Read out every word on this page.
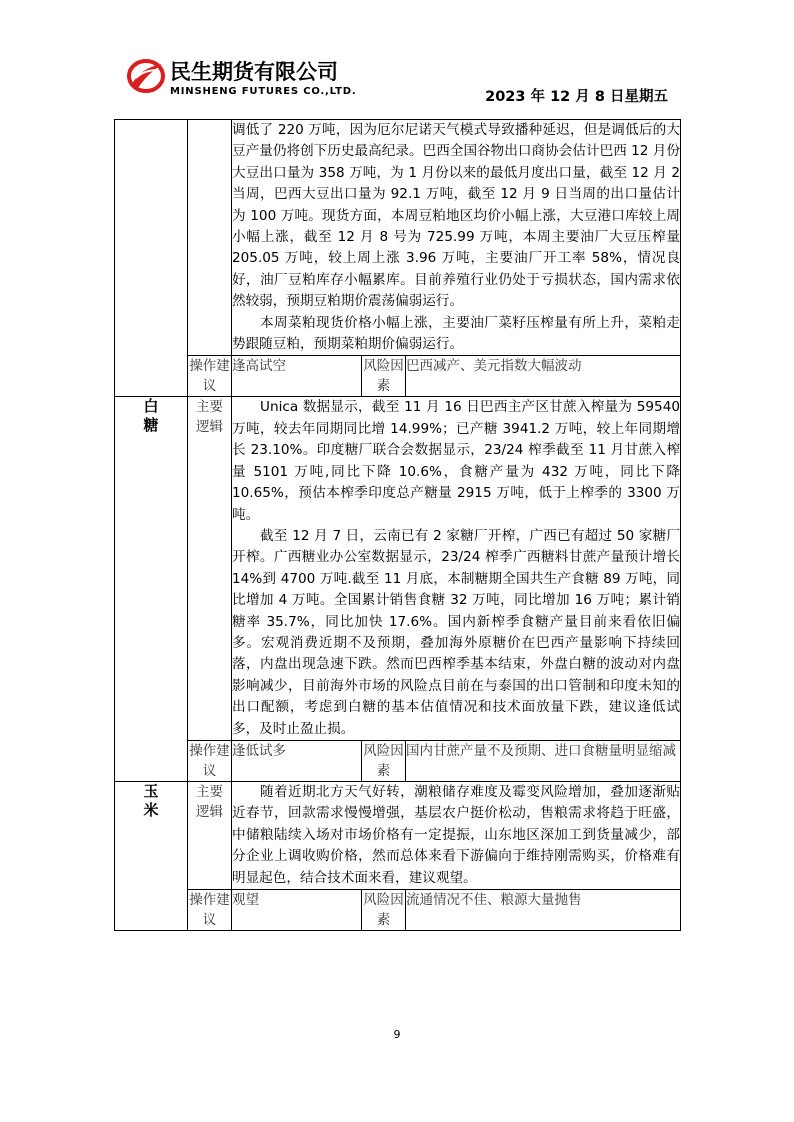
民生期货有限公司
MINSHENG FUTURES CO.,LTD.	2023 年 12 月 8 日星期五

		调低了 220 万吨，因为厄尔尼诺天气模式导致播种延迟，但是调低后的大豆产量仍将创下历史最高纪录。巴西全国谷物出口商协会估计巴西 12 月份大豆出口量为 358 万吨，为 1 月份以来的最低月度出口量，截至 12 月 2 当周，巴西大豆出口量为 92.1 万吨，截至 12 月 9 日当周的出口量估计为 100 万吨。现货方面，本周豆粕地区均价小幅上涨，大豆港口库较上周小幅上涨，截至 12 月 8 号为 725.99 万吨，本周主要油厂大豆压榨量 205.05 万吨，较上周上涨 3.96 万吨，主要油厂开工率 58%，情况良好，油厂豆粕库存小幅累库。目前养殖行业仍处于亏损状态，国内需求依然较弱，预期豆粕期价震荡偏弱运行。

本周菜粕现货价格小幅上涨，主要油厂菜籽压榨量有所上升，菜粕走势跟随豆粕，预期菜粕期价偏弱运行。		

	操作建议	逢高试空	风险因素	巴西减产、美元指数大幅波动
白糖	主要逻辑	Unica 数据显示，截至 11 月 16 日巴西主产区甘蔗入榨量为 59540 万吨，较去年同期同比增 14.99%；已产糖 3941.2 万吨，较上年同期增长 23.10%。印度糖厂联合会数据显示，23/24 榨季截至 11 月甘蔗入榨量 5101 万吨,同比下降 10.6%，食糖产量为 432 万吨，同比下降 10.65%，预估本榨季印度总产糖量 2915 万吨，低于上榨季的 3300 万吨。

截至 12 月 7 日，云南已有 2 家糖厂开榨，广西已有超过 50 家糖厂开榨。广西糖业办公室数据显示，23/24 榨季广西糖料甘蔗产量预计增长 14%到 4700 万吨.截至 11 月底，本制糖期全国共生产食糖 89 万吨，同比增加 4 万吨。全国累计销售食糖 32 万吨，同比增加 16 万吨；累计销糖率 35.7%，同比加快 17.6%。国内新榨季食糖产量目前来看依旧偏多。宏观消费近期不及预期，叠加海外原糖价在巴西产量影响下持续回落，内盘出现急速下跌。然而巴西榨季基本结束，外盘白糖的波动对内盘影响减少，目前海外市场的风险点目前在与泰国的出口管制和印度未知的出口配额，考虑到白糖的基本估值情况和技术面放量下跌，建议逢低试多，及时止盈止损。		

	操作建议	逢低试多	风险因素	国内甘蔗产量不及预期、进口食糖量明显缩减
玉米	主要逻辑	随着近期北方天气好转，潮粮储存难度及霉变风险增加，叠加逐渐贴近春节，回款需求慢慢增强，基层农户挺价松动，售粮需求将趋于旺盛，中储粮陆续入场对市场价格有一定提振，山东地区深加工到货量减少，部分企业上调收购价格，然而总体来看下游偏向于维持刚需购买，价格难有明显起色，结合技术面来看，建议观望。		

	操作建议	观望	风险因素	流通情况不佳、粮源大量抛售
9
